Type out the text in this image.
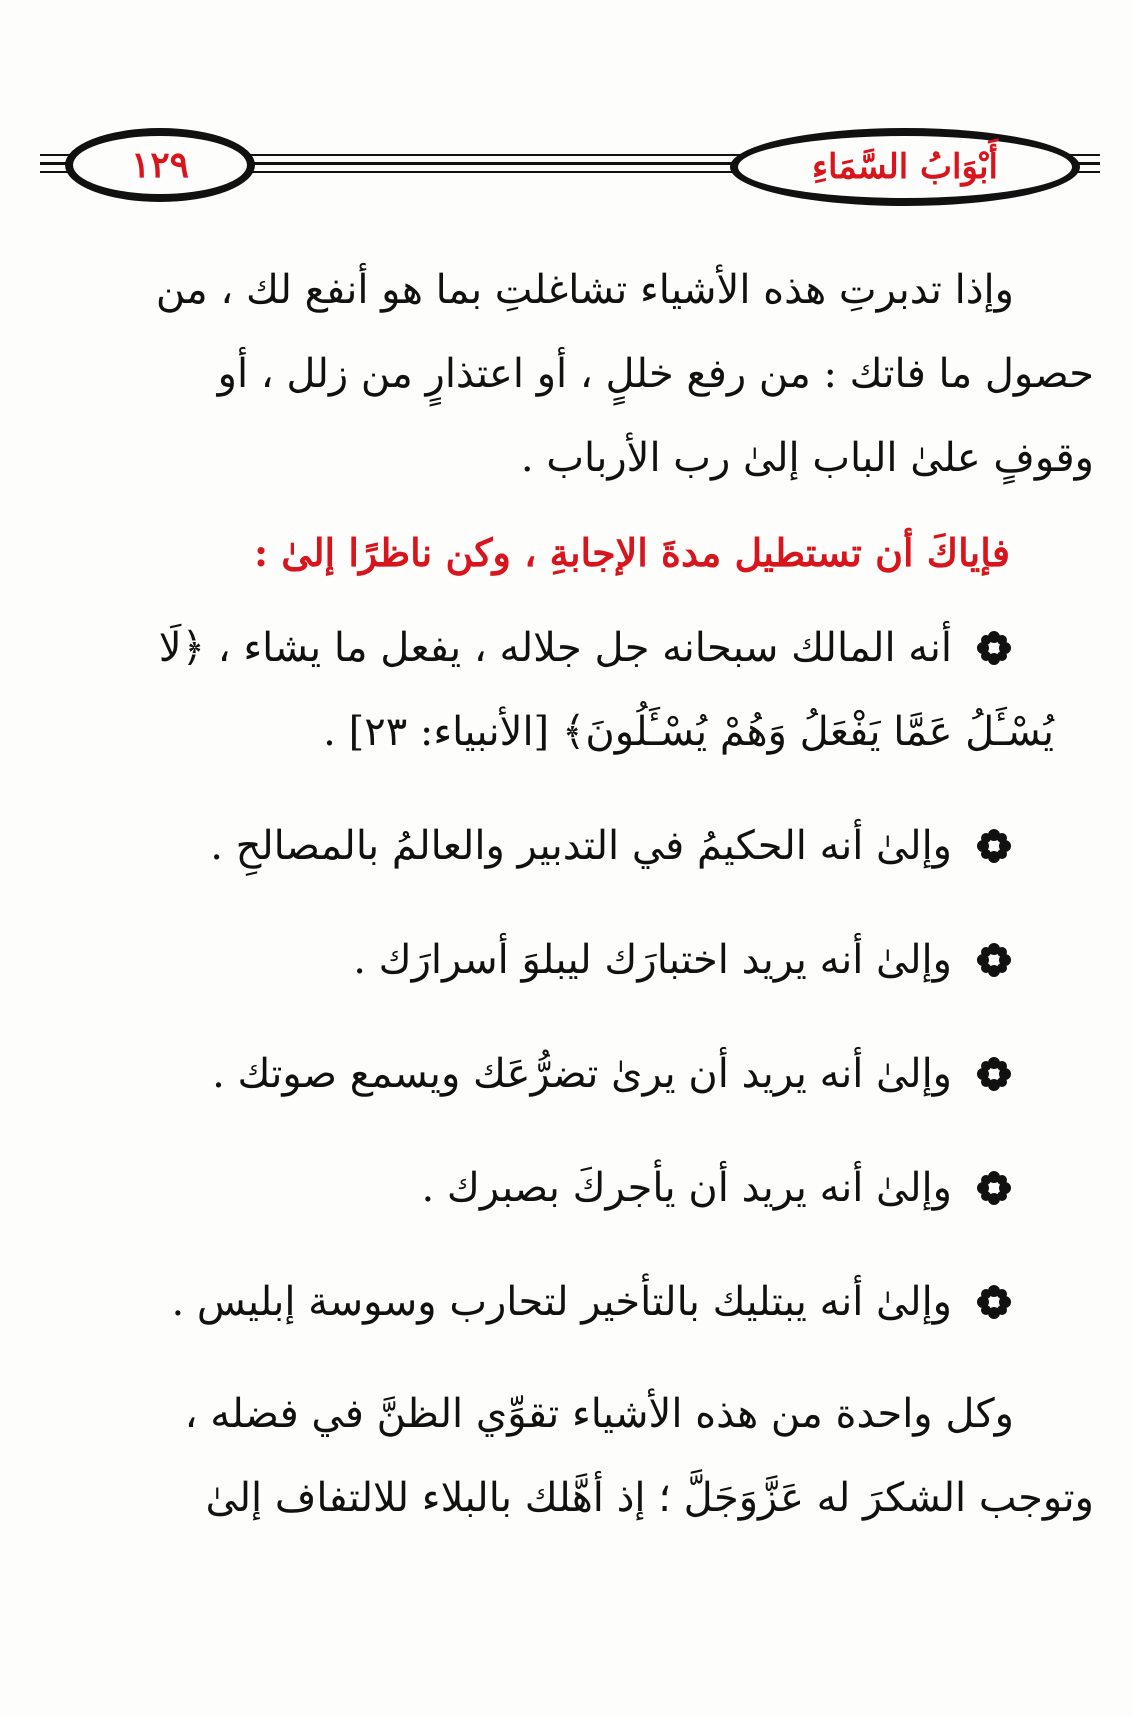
١٢٩	أَبْوَابُ السَّمَاءِ

وإذا تدبرتِ هذه الأشياء تشاغلتِ بما هو أنفع لك ، من

حصول ما فاتك : من رفع خللٍ ، أو اعتذارٍ من زلل ، أو

وقوفٍ علىٰ الباب إلىٰ رب الأرباب .

فإياكَ أن تستطيل مدةَ الإجابةِ ، وكن ناظرًا إلىٰ :

أنه المالك سبحانه جل جلاله ، يفعل ما يشاء ، ﴿لَا
يُسْـَٔلُ عَمَّا يَفْعَلُ وَهُمْ يُسْـَٔلُونَ﴾ [الأنبياء: ٢٣] .
وإلىٰ أنه الحكيمُ في التدبير والعالمُ بالمصالحِ .
وإلىٰ أنه يريد اختبارَك ليبلوَ أسرارَك .
وإلىٰ أنه يريد أن يرىٰ تضرُّعَك ويسمع صوتك .
وإلىٰ أنه يريد أن يأجركَ بصبرك .
وإلىٰ أنه يبتليك بالتأخير لتحارب وسوسة إبليس .

وكل واحدة من هذه الأشياء تقوِّي الظنَّ في فضله ،

وتوجب الشكرَ له عَزَّوَجَلَّ ؛ إذ أهَّلك بالبلاء للالتفاف إلىٰ
